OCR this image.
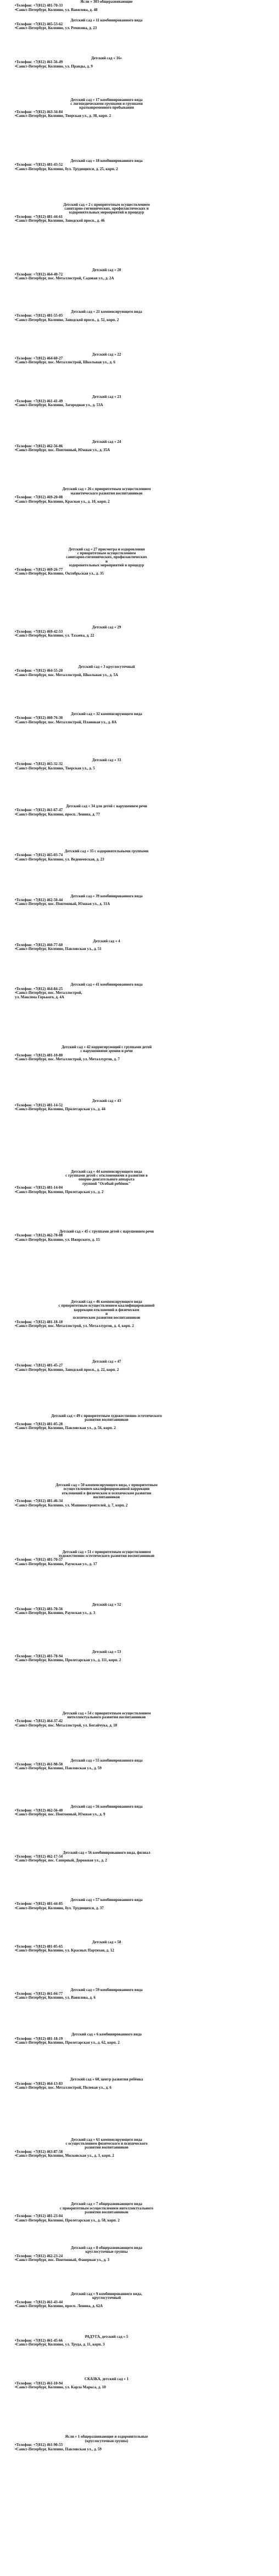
Детский сад « 11 комбинированного вида
•Телефон: +7(812) 465-53-62
•Санкт-Петербург, Колпино, ул. Ремизова, д. 23
Детский сад « 16»
•Телефон: +7(812) 461-56-49
•Санкт-Петербург, Колпино, ул. Правды, д. 9
Детский сад « 17 комбинированного вида
с логопедическими группами и группами
кратковременного пребывания
•Телефон: +7(812) 463-34-84
•Санкт-Петербург, Колпино, Тверская ул., д. 38, корп. 2
Детский сад « 18 комбинированного вида
•Телефон: +7(812) 481-43-52
•Санкт-Петербург, Колпино, бул. Трудящихся, д. 25, корп. 2
Детский сад « 2 с приоритетным осуществлением
санитарно-гигиенических, профилактических и
оздоровительных мероприятий и процедур
•Телефон: +7(812) 481-44-61
•Санкт-Петербург, Колпино, Заводской просп., д. 46
Детский сад « 20
•Телефон: +7(812) 464-40-72
•Санкт-Петербург, пос. Металлострой, Садовая ул., д. 2А
Детский сад « 21 компенсирующего вида
•Телефон: +7(812) 481-55-05
•Санкт-Петербург, Колпино, Заводской просп., д. 52, корп. 2
Детский сад « 22
•Телефон: +7(812) 464-60-27
•Санкт-Петербург, пос. Металлострой, Школьная ул., д. 6
Детский сад « 23
•Телефон: +7(812) 461-41-49
•Санкт-Петербург, Колпино, Загородная ул., д. 53А
Детский сад « 24
•Телефон: +7(812) 462-56-86
•Санкт-Петербург, пос. Понтонный, Южная ул., д. 35А
Детский сад « 26 с приоритетным осуществлением
мазнетического развития воспитанников
•Телефон: +7(812) 469-20-08
•Санкт-Петербург, Колпино, Красная ул., д. 10, корп. 2
Детский сад « 27 присмотра и оздоровления
с приоритетным осуществлением
санитарно-гигиенических, профилактических
и
оздоровительных мероприятий и процедур
•Телефон: +7(812) 469-26-77
•Санкт-Петербург, Колпино, Октябрьская ул., д. 35
Детский сад « 29
•Телефон: +7(812) 469-42-53
•Санкт-Петербург, Колпино, ул. Тазаева, д. 22
Детский сад « 3 круглосуточный
•Телефон: +7(812) 464-55-20
•Санкт-Петербург, пос. Металлострой, Школьная ул., д. 5А
Детский сад « 32 компенсирующего вида
•Телефон: +7(812) 460-76-30
•Санкт-Петербург, пос. Металлострой, Плановая ул., д. 8А
Детский сад « 33
•Телефон: +7(812) 465-32-32
•Санкт-Петербург, Колпино, Тверская ул., д. 5
Детский сад « 34 для детей с нарушением речи
•Телефон: +7(812) 461-67-47
•Санкт-Петербург, Колпино, просп. Ленина, д. 77
Детский сад « 35 с оздоровительными группами
•Телефон: +7(812) 465-03-74
•Санкт-Петербург, Колпино, ул. Веденеевская, д. 23
Детский сад « 39 комбинированного вида
•Телефон: +7(812) 462-50-44
•Санкт-Петербург, пос. Понтонный, Южная ул., д. 31А
Детский сад « 4
•Телефон: +7(812) 460-77-60
•Санкт-Петербург, Колпино, Павловская ул., д. 51
Детский сад « 41 комбинированного вида
•Телефон: +7(812) 464-84-25
•Санкт-Петербург, пос. Металлострой,
ул. Максима Горького, д. 4А
Детский сад « 42 корригирующий с группами детей
с нарушениями зрения и речи
•Телефон: +7(812) 481-10-80
•Санкт-Петербург, пос. Металлострой, ул. Металлургов, д. 7
Детский сад « 43
•Телефон: +7(812) 481-14-52
•Санкт-Петербург, Колпино, Пролетарская ул., д. 44
Детский сад « 44 компенсирующего вида
с группами детей с отклонениями в развитии в
опорно-двигательного аппарата
группой "Особый ребёнок"
•Телефон: +7(812) 481-14-04
•Санкт-Петербург, Колпино, Пролетарская ул., д. 2
Детский сад « 45 с группами детей с нарушением речи
•Телефон: +7(812) 462-78-08
•Санкт-Петербург, Колпино, ул. Ижорского, д. 15
Детский сад « 46 компенсирующего вида
с приоритетным осуществлением квалифицированной
коррекции отклонений в физическом
и
психическом развитии воспитанников
•Телефон: +7(812) 481-18-10
•Санкт-Петербург, пос. Металлострой, ул. Металлургов, д. 4, корп. 2
Детский сад « 47
•Телефон: +7(812) 481-45-27
•Санкт-Петербург, Колпино, Заводской просп., д. 22, корп. 2
Детский сад « 49 с приоритетным художественно-эстетического
развития воспитанников
•Телефон: +7(812) 481-05-28
•Санкт-Петербург, Колпино, Павловская ул., д. 56, корп. 2
Детский сад « 50 компенсирующего вида, с приоритетным
осуществлением квалифицированной коррекции
отклонений в физическом и психическом развитии
воспитанников
•Телефон: +7(812) 481-46-34
•Санкт-Петербург, Колпино, ул. Машиностроителей, д. 7, корп. 2
Детский сад « 51 с приоритетным осуществлением
художественно-эстетического развития воспитанников
•Телефон: +7(812) 481-70-57
•Санкт-Петербург, Колпино, Раумская ул., д. 17
Детский сад « 52
•Телефон: +7(812) 481-70-56
•Санкт-Петербург, Колпино, Раумская ул., д. 3
Детский сад « 53
•Телефон: +7(812) 481-78-94
•Санкт-Петербург, Колпино, Пролетарская ул., д. 111, корп. 2
Детский сад « 54 с приоритетным осуществлением
интеллектуального развития воспитанников
•Телефон: +7(812) 464-37-42
•Санкт-Петербург, пос. Металлострой, ул. Богайчука, д. 18
Детский сад « 55 комбинированного вида
•Телефон: +7(812) 461-98-50
•Санкт-Петербург, Колпино, Павловская ул., д. 59
Детский сад « 56 комбинированного вида
•Телефон: +7(812) 462-56-40
•Санкт-Петербург, пос. Понтонный, Южная ул., д. 9
Детский сад « 56 комбинированного вида, филиал
•Телефон: +7(812) 462-17-54
•Санкт-Петербург, пос. Саперный, Дорожная ул., д. 2
Детский сад « 57 комбинированного вида
•Телефон: +7(812) 481-44-85
•Санкт-Петербург, Колпино, бул. Трудящихся, д. 37
Детский сад « 58
•Телефон: +7(812) 481-05-65
•Санкт-Петербург, Колпино, ул. Красных Партизан, д. 12
Детский сад « 59 комбинированного вида
•Телефон: +7(812) 461-04-77
•Санкт-Петербург, Колпино, ул. Вавилова, д. 6
Детский сад « 6 комбинированного вида
•Телефон: +7(812) 481-18-19
•Санкт-Петербург, Колпино, Пролетарская ул., д. 62, корп. 2
Детский сад « 60, центр развития ребёнка
•Телефон: +7(812) 464-13-83
•Санкт-Петербург, пос. Металлострой, Полевая ул., д. 6
Детский сад « 61 компенсирующего вида
с осуществлением физического и психического
развития воспитанников
•Телефон: +7(812) 463-87-58
•Санкт-Петербург, Колпино, Московская ул., д. 3, корп. 2
Детский сад « 7 общеразвивающего вида
с приоритетным осуществлением интеллектуального
развития воспитанников
•Телефон: +7(812) 481-23-04
•Санкт-Петербург, Колпино, Пролетарская ул., д. 58, корп. 2
Детский сад « 8 общеразвивающего вида
круглосуточные группы
•Телефон: +7(812) 462-23-24
•Санкт-Петербург, пос. Понтонный, Фанерная ул., д. 3
Детский сад « 9 комбинированного вида,
круглосуточный
•Телефон: +7(812) 461-43-44
•Санкт-Петербург, Колпино, просп. Ленина, д. 62А
РАДУГА, детский сад « 5
•Телефон: +7(812) 461-45-66
•Санкт-Петербург, Колпино, ул. Труда, д. 11, корп. 3
СКАЗКА, детский сад « 1
•Телефон: +7(812) 461-10-94
•Санкт-Петербург, Колпино, ул. Карла Маркса, д. 10
Ясли « 1 общеразвивающие и оздоровительные
(круглосуточная группа)
•Телефон: +7(812) 461-90-55
•Санкт-Петербург, Колпино, Павловская ул., д. 59
Ясли « 303 общеразвивающие
•Телефон: +7(812) 481-70-33
•Санкт-Петербург, Колпино, ул. Вавилова, д. 48
